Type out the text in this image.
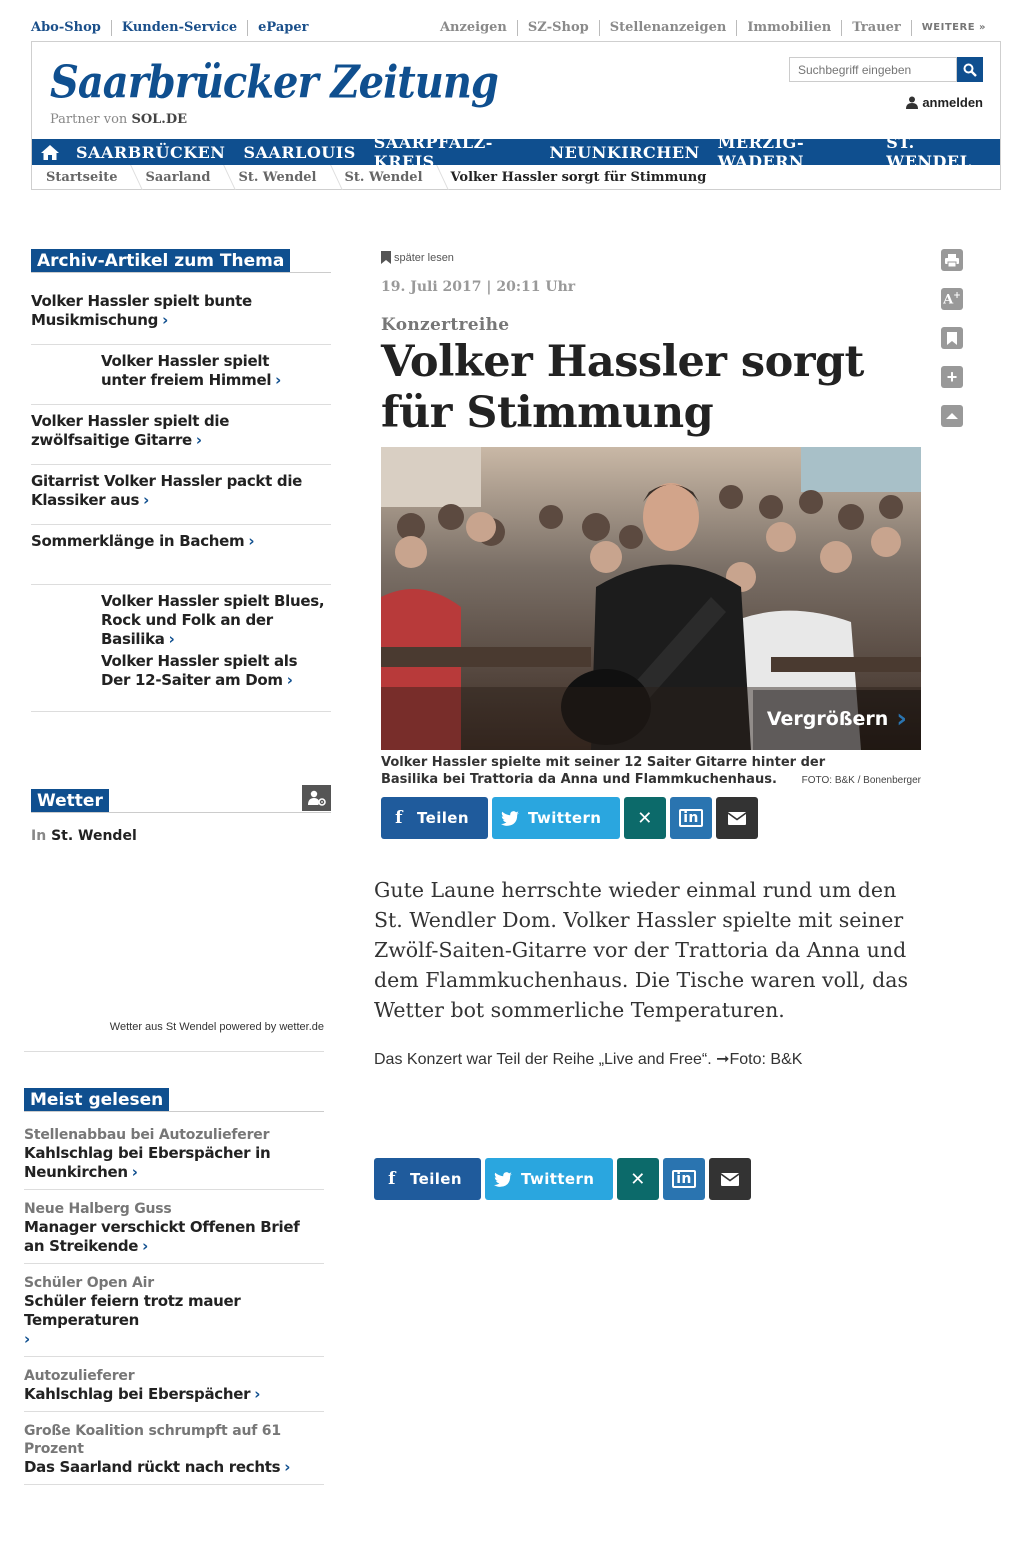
Abo-Shop	Kunden-Service	ePaper	Anzeigen	SZ-Shop	Stellenanzeigen	Immobilien	Trauer	WEITERE »
Saarbrücker Zeitung
Partner von SOL.DE
Suchbegriff eingeben
anmelden
SAARBRÜCKEN	SAARLOUIS	SAARPFALZ-KREIS	NEUNKIRCHEN	MERZIG-WADERN
ST. WENDEL
Startseite	Saarland	St. Wendel	St. Wendel	Volker Hassler sorgt für Stimmung
Archiv-Artikel zum Thema
Volker Hassler spielt bunte Musikmischung ›
Volker Hassler spielt unter freiem Himmel ›
Volker Hassler spielt die zwölfsaitige Gitarre ›
Gitarrist Volker Hassler packt die Klassiker aus ›
Sommerklänge in Bachem ›
Volker Hassler spielt Blues, Rock und Folk an der Basilika ›
Volker Hassler spielt als Der 12-Saiter am Dom ›
Wetter
In St. Wendel
Wetter aus St Wendel powered by wetter.de
Meist gelesen
Stellenabbau bei Autozulieferer
Kahlschlag bei Eberspächer in Neunkirchen ›
Neue Halberg Guss
Manager verschickt Offenen Brief an Streikende ›
Schüler Open Air
Schüler feiern trotz mauer Temperaturen
›
Autozulieferer
Kahlschlag bei Eberspächer ›
Große Koalition schrumpft auf 61 Prozent
Das Saarland rückt nach rechts ›
später lesen
19. Juli 2017 | 20:11 Uhr
Konzertreihe
Volker Hassler sorgt für Stimmung
A+
+
Vergrößern ›
Volker Hassler spielte mit seiner 12 Saiter Gitarre hinter der Basilika bei Trattoria da Anna und Flammkuchenhaus.	FOTO: B&K / Bonenberger
f Teilen	Twittern ✕ in

Gute Laune herrschte wieder einmal rund um den St. Wendler Dom. Volker Hassler spielte mit seiner Zwölf-Saiten-Gitarre vor der Trattoria da Anna und dem Flammkuchenhaus. Die Tische waren voll, das Wetter bot sommerliche Temperaturen.

Das Konzert war Teil der Reihe „Live and Free“. ➞Foto: B&K

f Teilen	Twittern ✕ in
